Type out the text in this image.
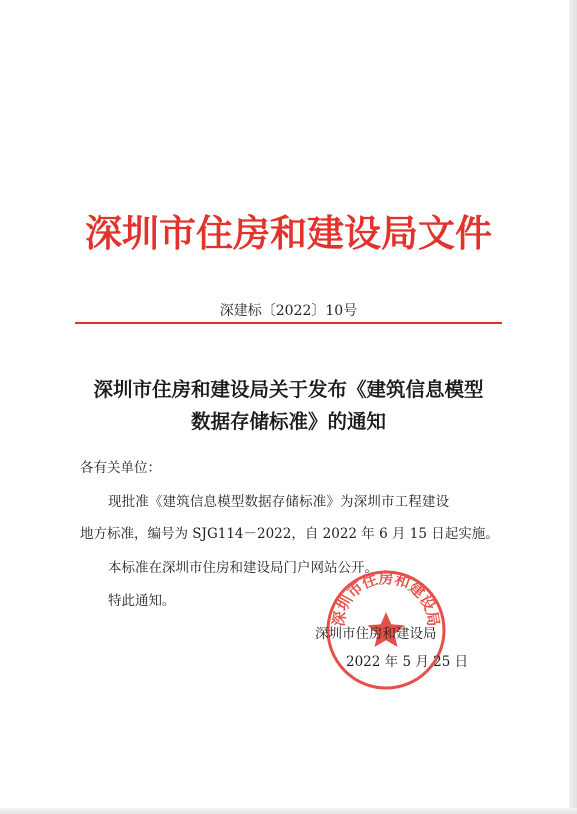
深圳市住房和建设局文件
深建标〔2022〕10号
深圳市住房和建设局关于发布《建筑信息模型
数据存储标准》的通知
各有关单位：
现批准《建筑信息模型数据存储标准》为深圳市工程建设
地方标准，编号为 SJG114－2022，自 2022 年 6 月 15 日起实施。
本标准在深圳市住房和建设局门户网站公开。
特此通知。
深圳市住房和建设局
深圳市住房和建设局
2022 年 5 月 25 日
